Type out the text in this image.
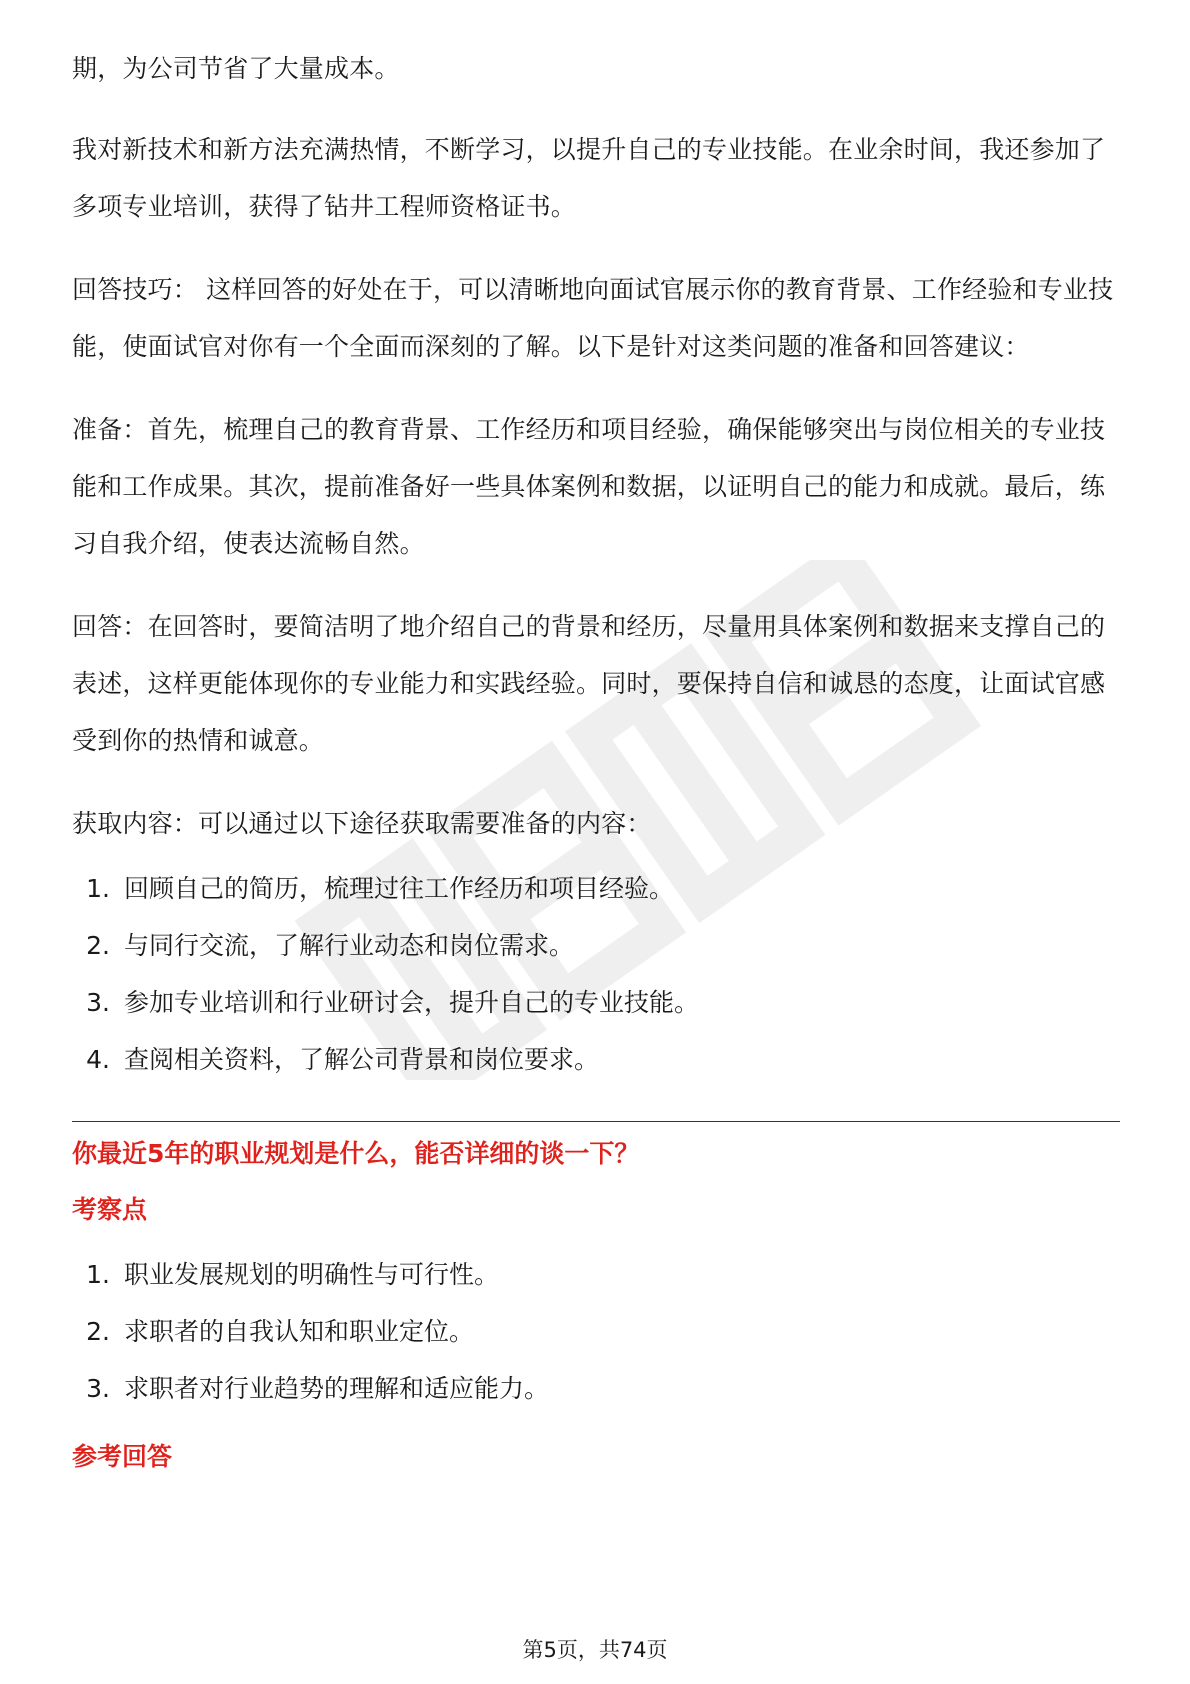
期，为公司节省了大量成本。

我对新技术和新方法充满热情，不断学习，以提升自己的专业技能。在业余时间，我还参加了多项专业培训，获得了钻井工程师资格证书。

回答技巧： 这样回答的好处在于，可以清晰地向面试官展示你的教育背景、工作经验和专业技能，使面试官对你有一个全面而深刻的了解。以下是针对这类问题的准备和回答建议：

准备：首先，梳理自己的教育背景、工作经历和项目经验，确保能够突出与岗位相关的专业技能和工作成果。其次，提前准备好一些具体案例和数据，以证明自己的能力和成就。最后，练习自我介绍，使表达流畅自然。

回答：在回答时，要简洁明了地介绍自己的背景和经历，尽量用具体案例和数据来支撑自己的表述，这样更能体现你的专业能力和实践经验。同时，要保持自信和诚恳的态度，让面试官感受到你的热情和诚意。

获取内容：可以通过以下途径获取需要准备的内容：

1. 回顾自己的简历，梳理过往工作经历和项目经验。
2. 与同行交流，了解行业动态和岗位需求。
3. 参加专业培训和行业研讨会，提升自己的专业技能。
4. 查阅相关资料，了解公司背景和岗位要求。
你最近5年的职业规划是什么，能否详细的谈一下？
考察点
1. 职业发展规划的明确性与可行性。
2. 求职者的自我认知和职业定位。
3. 求职者对行业趋势的理解和适应能力。
参考回答
第5页，共74页
